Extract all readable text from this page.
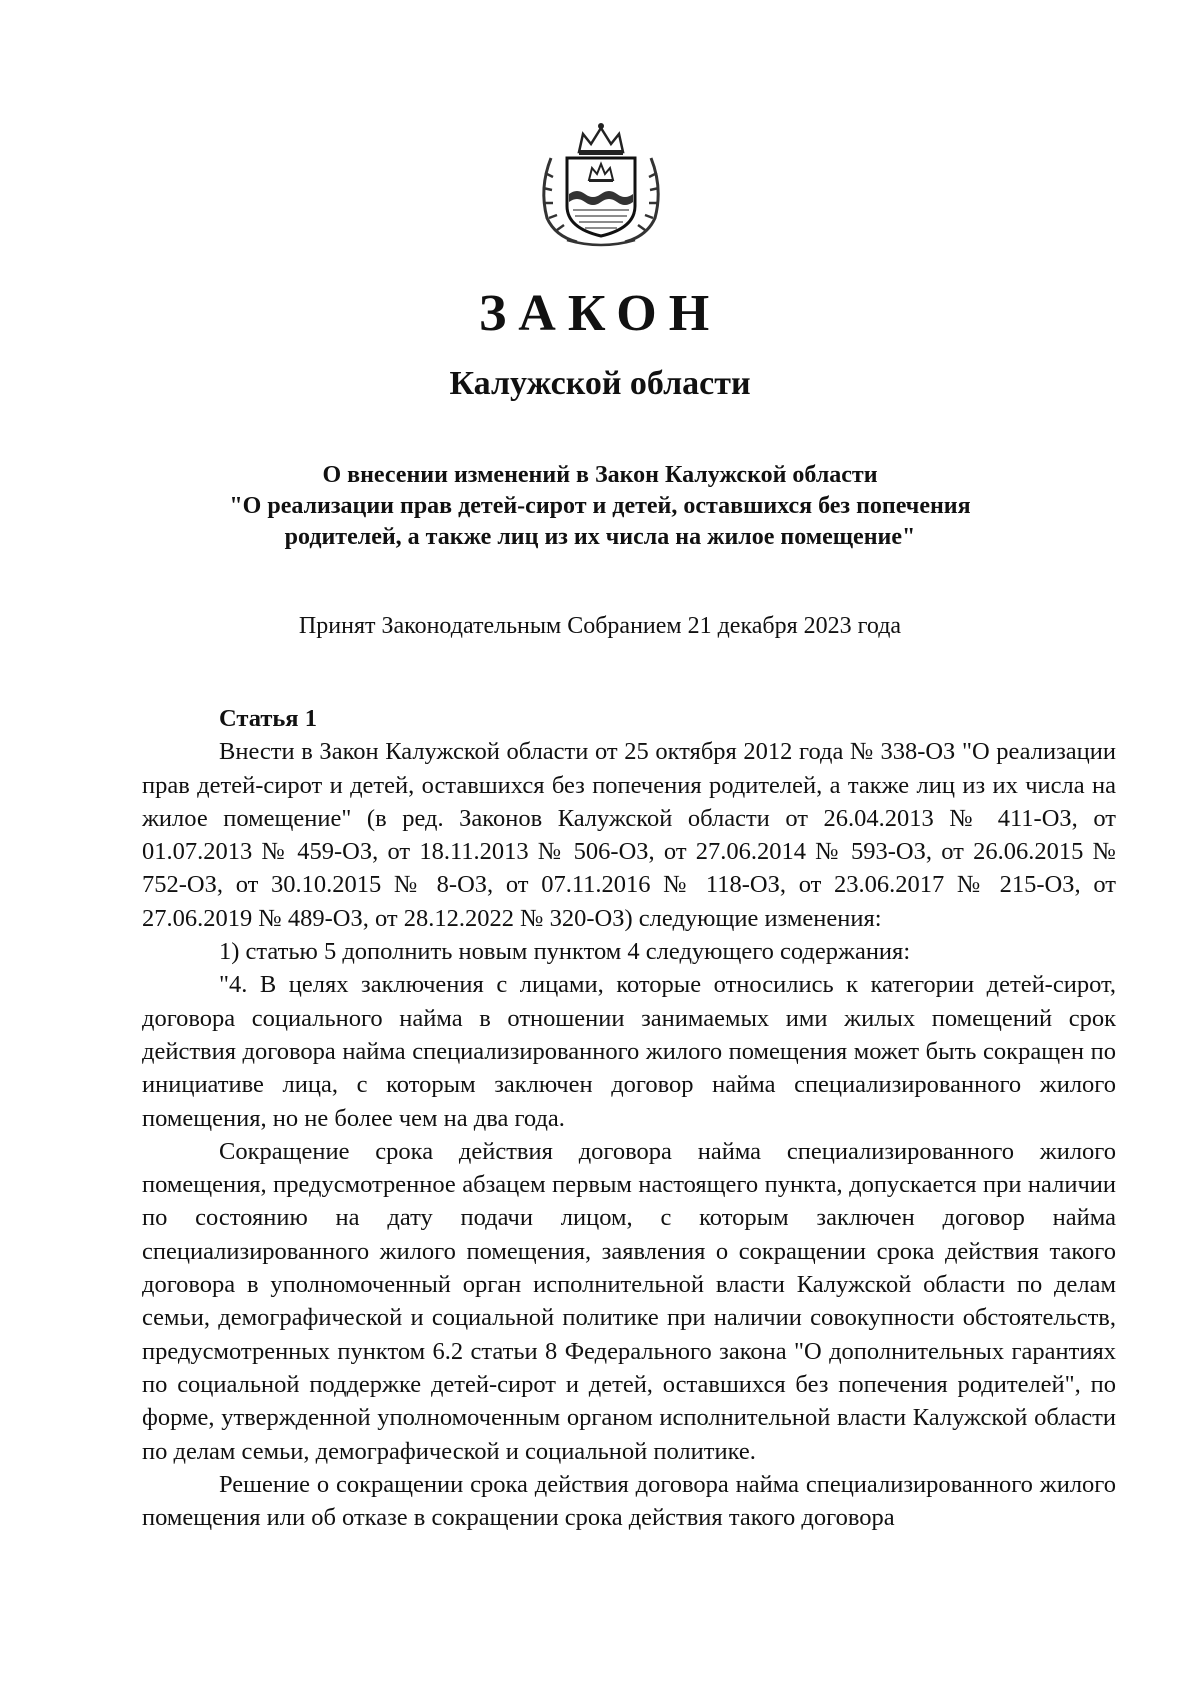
ЗАКОН
Калужской области
О внесении изменений в Закон Калужской области
"О реализации прав детей-сирот и детей, оставшихся без попечения
родителей, а также лиц из их числа на жилое помещение"
Принят Законодательным Собранием 21 декабря 2023 года

Статья 1

Внести в Закон Калужской области от 25 октября 2012 года № 338-ОЗ "О реализации прав детей-сирот и детей, оставшихся без попечения родителей, а также лиц из их числа на жилое помещение" (в ред. Законов Калужской области от 26.04.2013 № 411-ОЗ, от 01.07.2013 № 459-ОЗ, от 18.11.2013 № 506-ОЗ, от 27.06.2014 № 593-ОЗ, от 26.06.2015 № 752-ОЗ, от 30.10.2015 № 8-ОЗ, от 07.11.2016 № 118-ОЗ, от 23.06.2017 № 215-ОЗ, от 27.06.2019 № 489-ОЗ, от 28.12.2022 № 320-ОЗ) следующие изменения:

1) статью 5 дополнить новым пунктом 4 следующего содержания:

"4. В целях заключения с лицами, которые относились к категории детей-сирот, договора социального найма в отношении занимаемых ими жилых помещений срок действия договора найма специализированного жилого помещения может быть сокращен по инициативе лица, с которым заключен договор найма специализированного жилого помещения, но не более чем на два года.

Сокращение срока действия договора найма специализированного жилого помещения, предусмотренное абзацем первым настоящего пункта, допускается при наличии по состоянию на дату подачи лицом, с которым заключен договор найма специализированного жилого помещения, заявления о сокращении срока действия такого договора в уполномоченный орган исполнительной власти Калужской области по делам семьи, демографической и социальной политике при наличии совокупности обстоятельств, предусмотренных пунктом 6.2 статьи 8 Федерального закона "О дополнительных гарантиях по социальной поддержке детей-сирот и детей, оставшихся без попечения родителей", по форме, утвержденной уполномоченным органом исполнительной власти Калужской области по делам семьи, демографической и социальной политике.

Решение о сокращении срока действия договора найма специализированного жилого помещения или об отказе в сокращении срока действия такого договора
